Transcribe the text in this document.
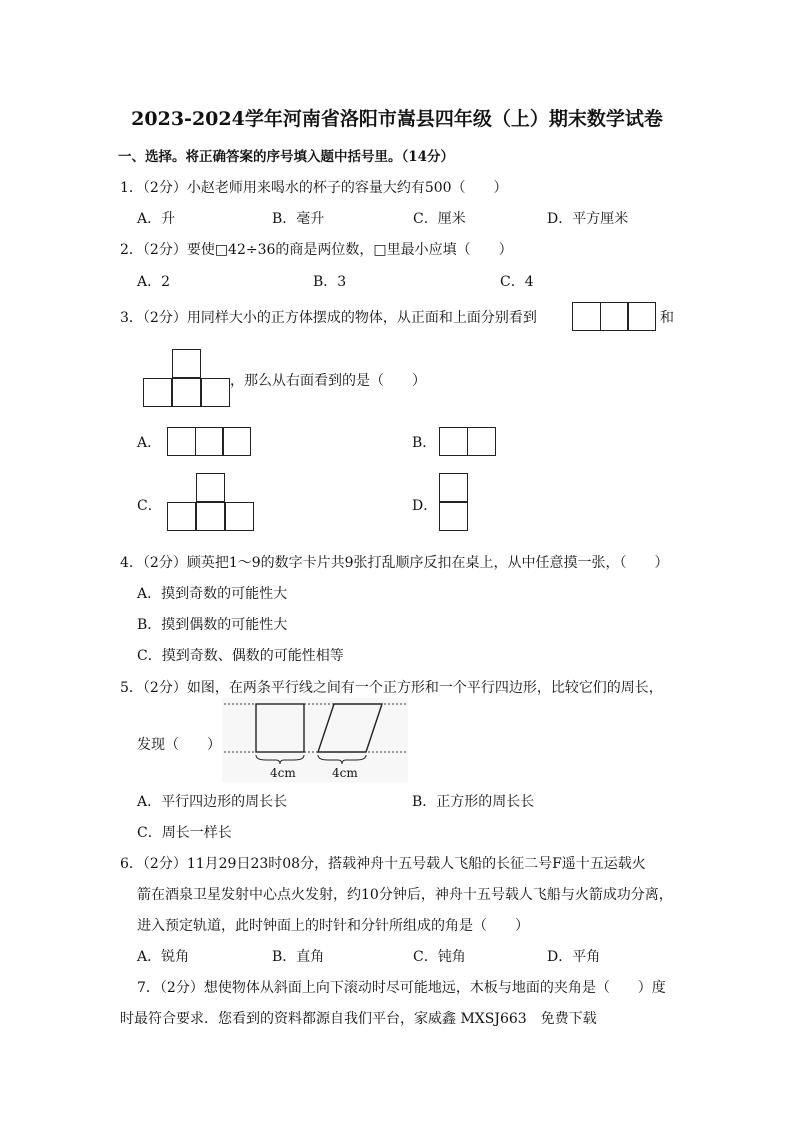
2023-2024学年河南省洛阳市嵩县四年级（上）期末数学试卷
一、选择。将正确答案的序号填入题中括号里。（14分）
1．（2分）小赵老师用来喝水的杯子的容量大约有500（　　）
A．升	B．毫升	C．厘米	D．平方厘米
2．（2分）要使□42÷36的商是两位数，□里最小应填（　　）
A．2	B．3	C．4
3．（2分）用同样大小的正方体摆成的物体，从正面和上面分别看到	和
，那么从右面看到的是（　　）
A．	B．
C．	D．
4．（2分）顾英把1～9的数字卡片共9张打乱顺序反扣在桌上，从中任意摸一张，（　　）
A．摸到奇数的可能性大
B．摸到偶数的可能性大
C．摸到奇数、偶数的可能性相等
5．（2分）如图，在两条平行线之间有一个正方形和一个平行四边形，比较它们的周长，
发现（　　）
4cm	4cm
A．平行四边形的周长长	B．正方形的周长长
C．周长一样长
6．（2分）11月29日23时08分，搭载神舟十五号载人飞船的长征二号F遥十五运载火
箭在酒泉卫星发射中心点火发射，约10分钟后，神舟十五号载人飞船与火箭成功分离，
进入预定轨道，此时钟面上的时针和分针所组成的角是（　　）
A．锐角	B．直角	C．钝角	D．平角
7．（2分）想使物体从斜面上向下滚动时尽可能地远，木板与地面的夹角是（　　）度
时最符合要求．您看到的资料都源自我们平台，家威鑫 MXSJ663　免费下载
